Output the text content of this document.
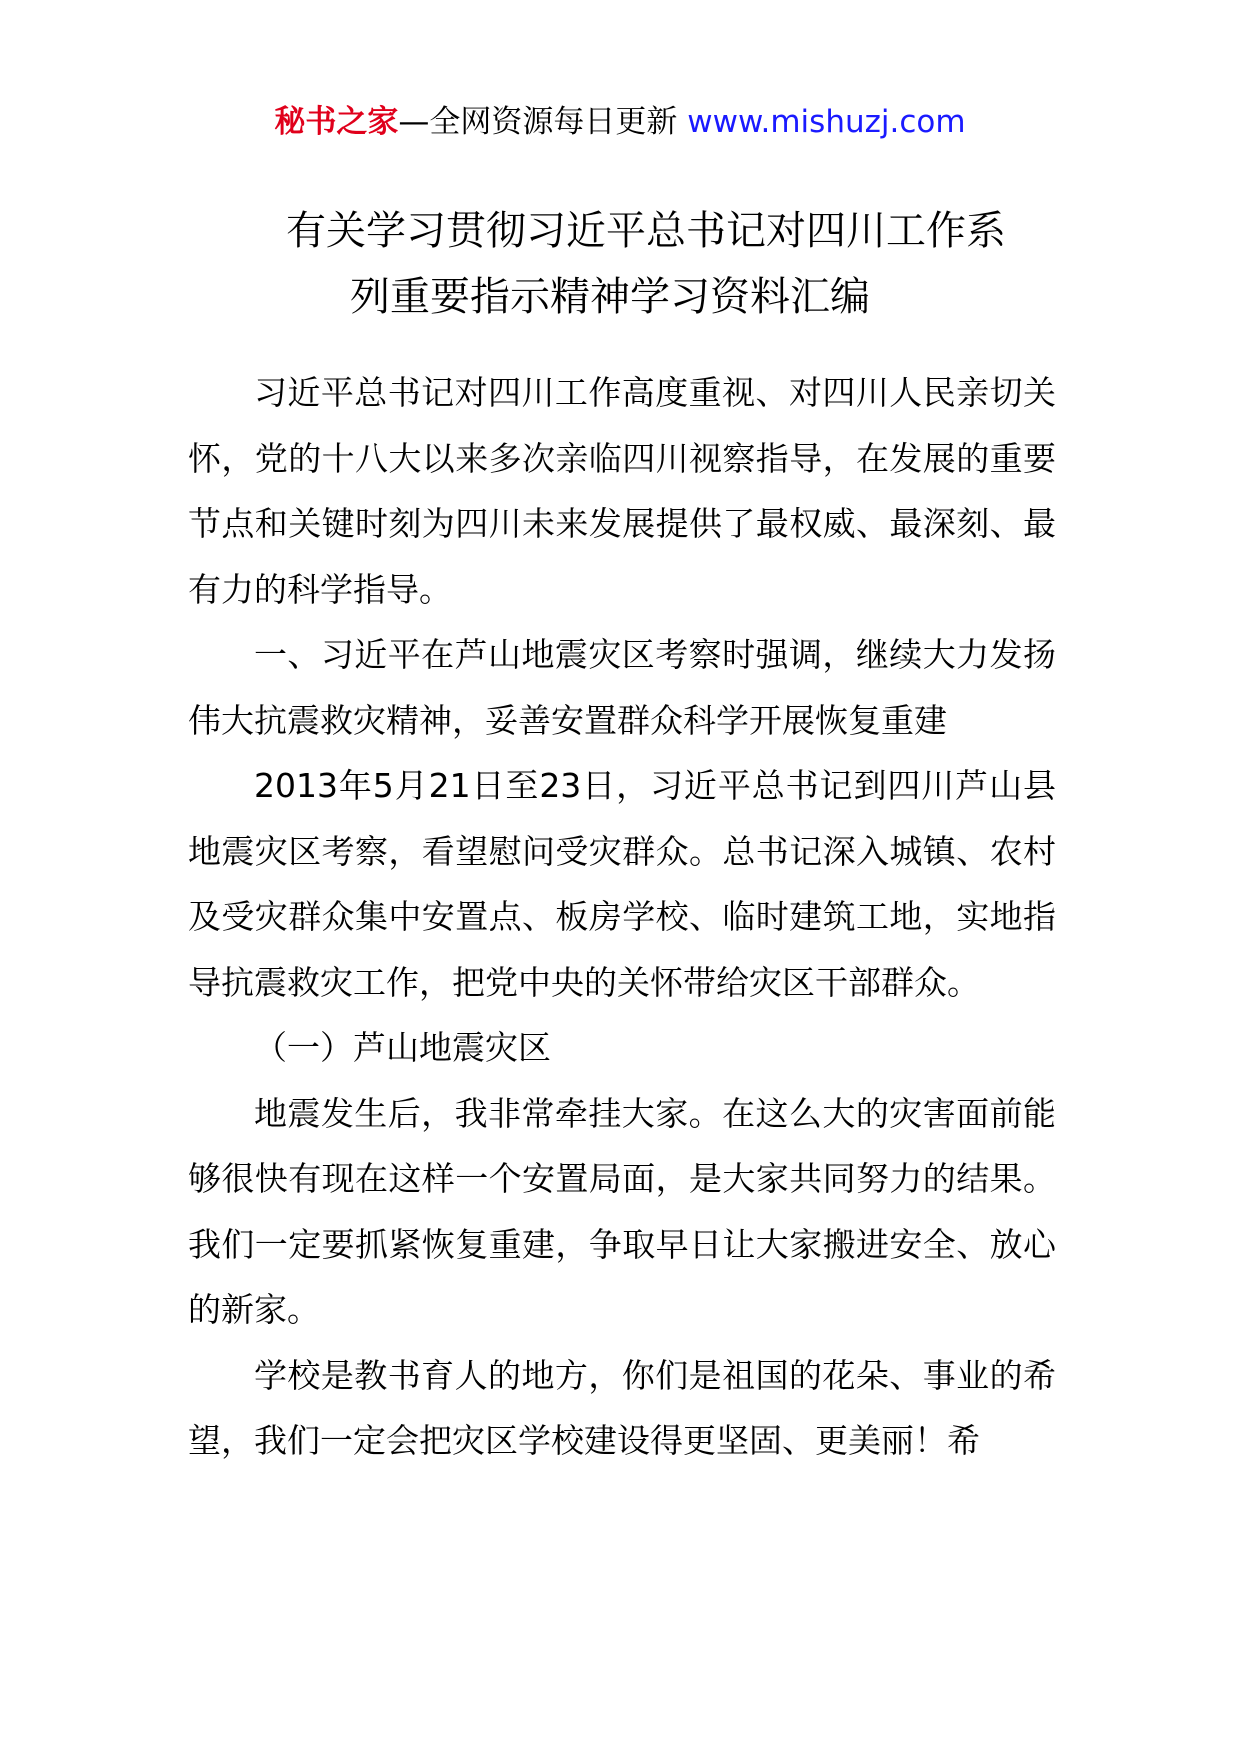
秘书之家—全网资源每日更新 www.mishuzj.com
有关学习贯彻习近平总书记对四川工作系
列重要指示精神学习资料汇编

习近平总书记对四川工作高度重视、对四川人民亲切关怀，党的十八大以来多次亲临四川视察指导，在发展的重要节点和关键时刻为四川未来发展提供了最权威、最深刻、最有力的科学指导。

一、习近平在芦山地震灾区考察时强调，继续大力发扬伟大抗震救灾精神，妥善安置群众科学开展恢复重建

2013年5月21日至23日，习近平总书记到四川芦山县地震灾区考察，看望慰问受灾群众。总书记深入城镇、农村及受灾群众集中安置点、板房学校、临时建筑工地，实地指导抗震救灾工作，把党中央的关怀带给灾区干部群众。

（一）芦山地震灾区

地震发生后，我非常牵挂大家。在这么大的灾害面前能够很快有现在这样一个安置局面，是大家共同努力的结果。我们一定要抓紧恢复重建，争取早日让大家搬进安全、放心的新家。

学校是教书育人的地方，你们是祖国的花朵、事业的希望，我们一定会把灾区学校建设得更坚固、更美丽！希
